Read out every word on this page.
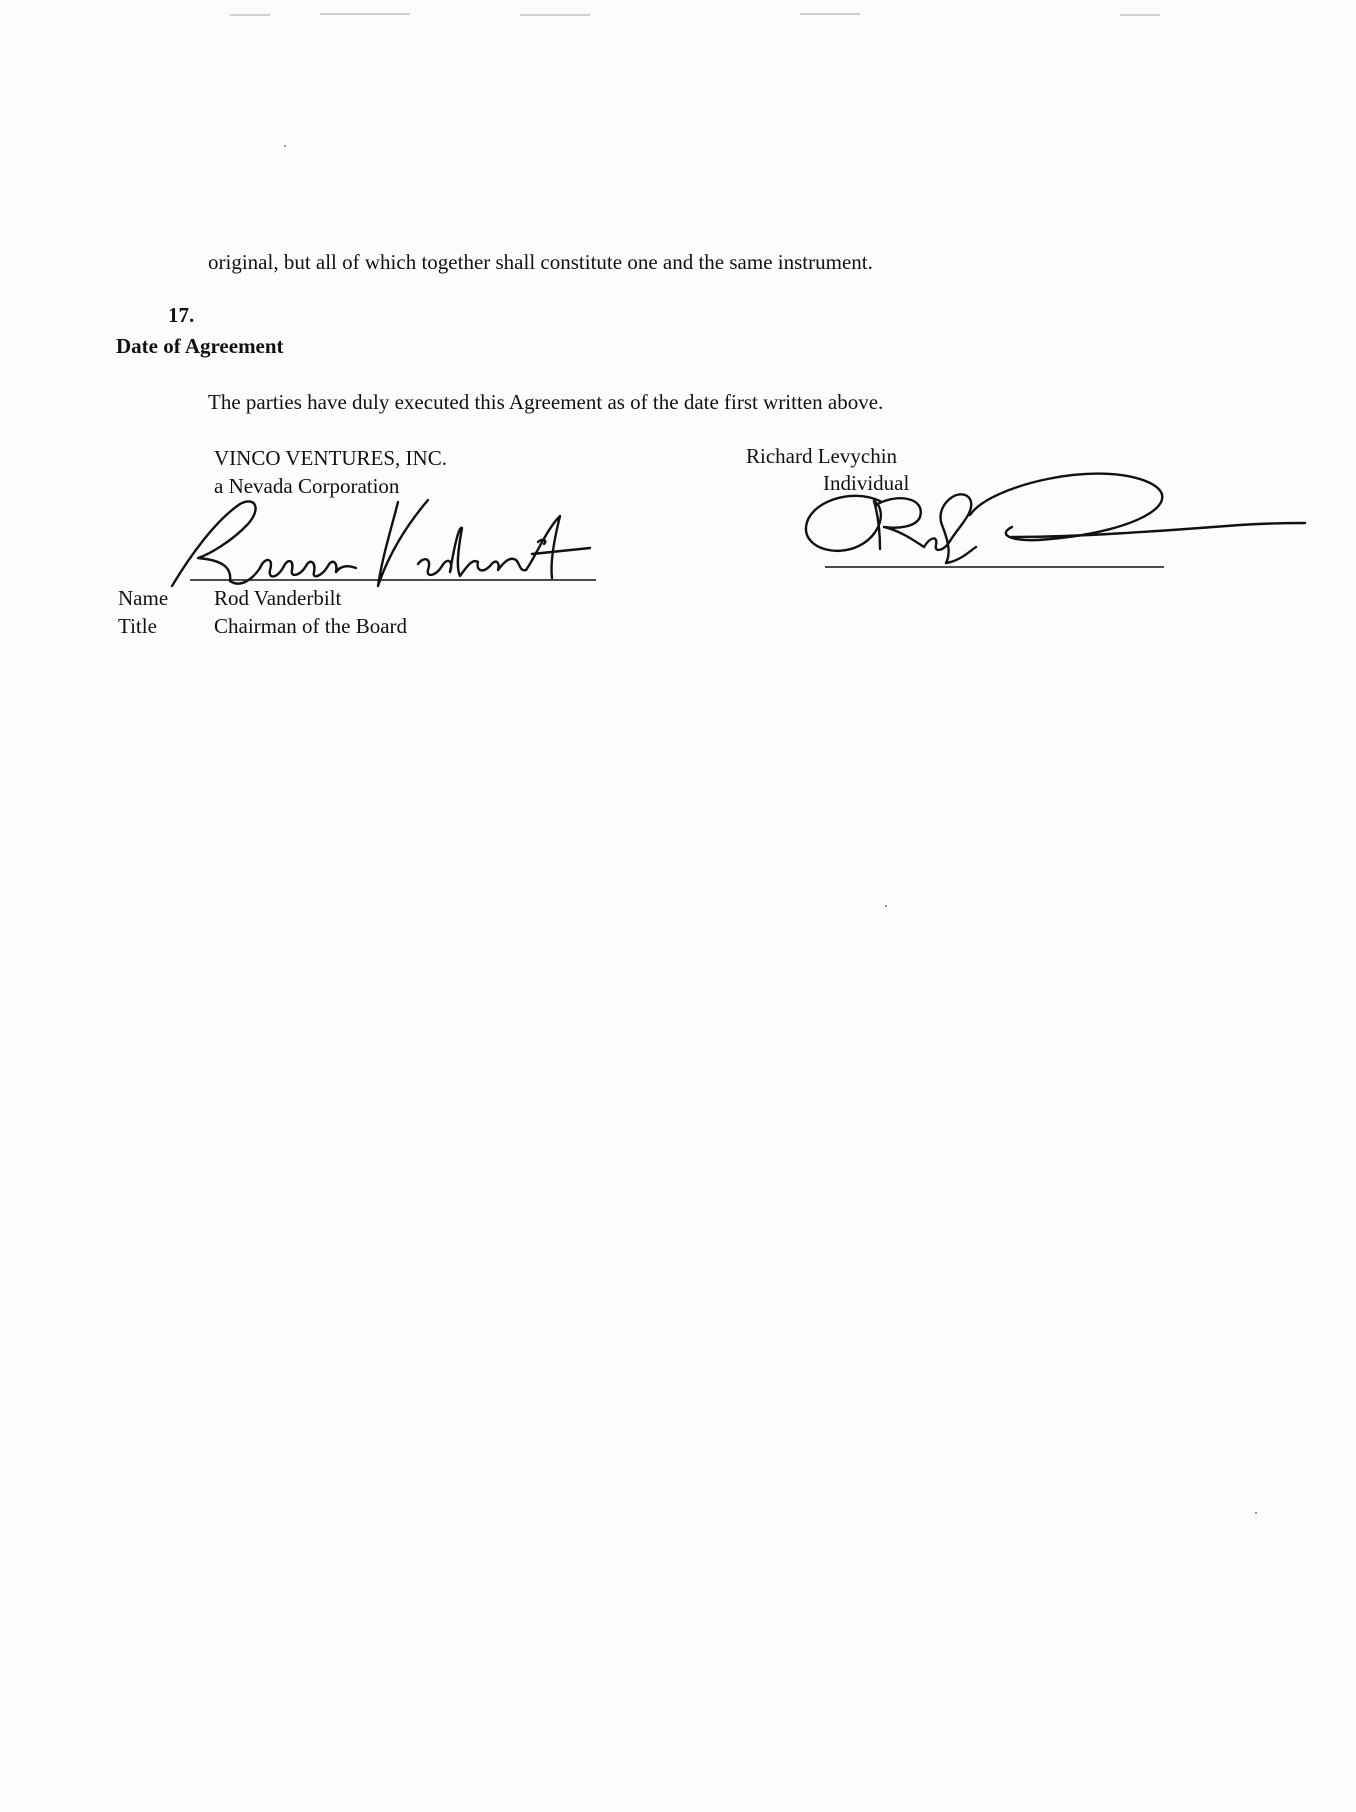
original, but all of which together shall constitute one and the same instrument.
17.
Date of Agreement
The parties have duly executed this Agreement as of the date first written above.
VINCO VENTURES, INC.
a Nevada Corporation
Name Rod Vanderbilt
Title	Chairman of the Board
Richard Levychin
Individual
